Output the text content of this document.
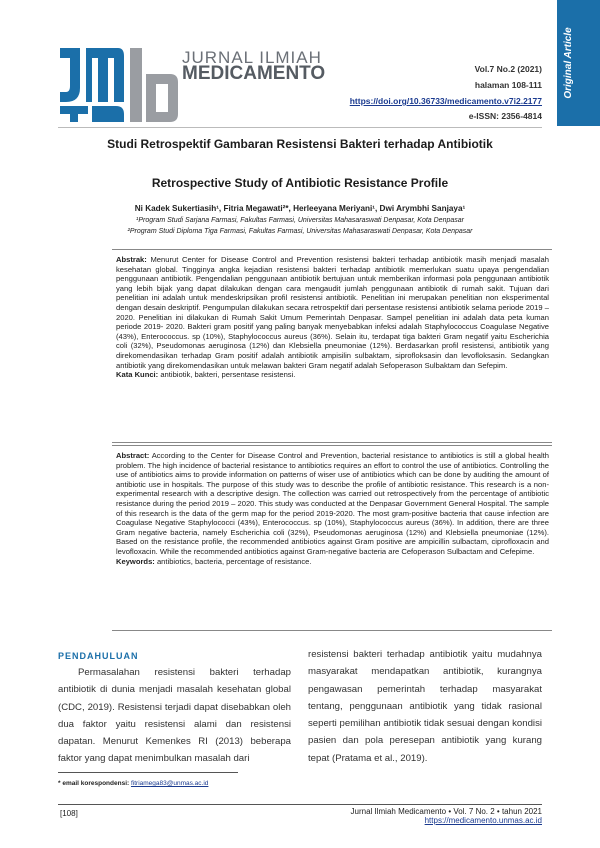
Original Article
JURNAL ILMIAH
MEDICAMENTO	Vol.7 No.2 (2021)
halaman 108-111
https://doi.org/10.36733/medicamento.v7i2.2177
e-ISSN: 2356-4814
Studi Retrospektif Gambaran Resistensi Bakteri terhadap Antibiotik
Retrospective Study of Antibiotic Resistance Profile
Ni Kadek Sukertiasih¹, Fitria Megawati²*, Herleeyana Meriyani¹, Dwi Arymbhi Sanjaya¹
¹Program Studi Sarjana Farmasi, Fakultas Farmasi, Universitas Mahasaraswati Denpasar, Kota Denpasar
²Program Studi Diploma Tiga Farmasi, Fakultas Farmasi, Universitas Mahasaraswati Denpasar, Kota Denpasar
Abstrak: Menurut Center for Disease Control and Prevention resistensi bakteri terhadap antibiotik masih menjadi masalah kesehatan global. Tingginya angka kejadian resistensi bakteri terhadap antibiotik memerlukan suatu upaya pengendalian penggunaan antibiotik. Pengendalian penggunaan antibiotik bertujuan untuk memberikan informasi pola penggunaan antibiotik yang lebih bijak yang dapat dilakukan dengan cara mengaudit jumlah penggunaan antibiotik di rumah sakit. Tujuan dari penelitian ini adalah untuk mendeskripsikan profil resistensi antibiotik. Penelitian ini merupakan penelitian non eksperimental dengan desain deskriptif. Pengumpulan dilakukan secara retrospektif dari persentase resistensi antibiotik selama periode 2019 – 2020. Penelitian ini dilakukan di Rumah Sakit Umum Pemerintah Denpasar. Sampel penelitian ini adalah data peta kuman periode 2019- 2020. Bakteri gram positif yang paling banyak menyebabkan infeksi adalah Staphylococcus Coagulase Negative (43%), Enterococcus. sp (10%), Staphylococcus aureus (36%). Selain itu, terdapat tiga bakteri Gram negatif yaitu Escherichia coli (32%), Pseudomonas aeruginosa (12%) dan Klebsiella pneumoniae (12%). Berdasarkan profil resistensi, antibiotik yang direkomendasikan terhadap Gram positif adalah antibiotik ampisilin sulbaktam, siprofloksasin dan levofloksasin. Sedangkan antibiotik yang direkomendasikan untuk melawan bakteri Gram negatif adalah Sefoperason Sulbaktam dan Sefepim.
Kata Kunci: antibiotik, bakteri, persentase resistensi.
Abstract: According to the Center for Disease Control and Prevention, bacterial resistance to antibiotics is still a global health problem. The high incidence of bacterial resistance to antibiotics requires an effort to control the use of antibiotics. Controlling the use of antibiotics aims to provide information on patterns of wiser use of antibiotics which can be done by auditing the amount of antibiotic use in hospitals. The purpose of this study was to describe the profile of antibiotic resistance. This research is a non-experimental research with a descriptive design. The collection was carried out retrospectively from the percentage of antibiotic resistance during the period 2019 – 2020. This study was conducted at the Denpasar Government General Hospital. The sample of this research is the data of the germ map for the period 2019-2020. The most gram-positive bacteria that cause infection are Coagulase Negative Staphylococci (43%), Enterococcus. sp (10%), Staphylococcus aureus (36%). In addition, there are three Gram negative bacteria, namely Escherichia coli (32%), Pseudomonas aeruginosa (12%) and Klebsiella pneumoniae (12%). Based on the resistance profile, the recommended antibiotics against Gram positive are ampicillin sulbactam, ciprofloxacin and levofloxacin. While the recommended antibiotics against Gram-negative bacteria are Cefoperason Sulbactam and Cefepime.
Keywords: antibiotics, bacteria, percentage of resistance.
PENDAHULUAN
Permasalahan resistensi bakteri terhadap antibiotik di dunia menjadi masalah kesehatan global (CDC, 2019). Resistensi terjadi dapat disebabkan oleh dua faktor yaitu resistensi alami dan resistensi dapatan. Menurut Kemenkes RI (2013) beberapa faktor yang dapat menimbulkan masalah dari
resistensi bakteri terhadap antibiotik yaitu mudahnya masyarakat mendapatkan antibiotik, kurangnya pengawasan pemerintah terhadap masyarakat tentang, penggunaan antibiotik yang tidak rasional seperti pemilihan antibiotik tidak sesuai dengan kondisi pasien dan pola peresepan antibiotik yang kurang tepat (Pratama et al., 2019).
* email korespondensi: fitriamega83@unmas.ac.id
[108]	Jurnal Ilmiah Medicamento • Vol. 7 No. 2 • tahun 2021
https://medicamento.unmas.ac.id
